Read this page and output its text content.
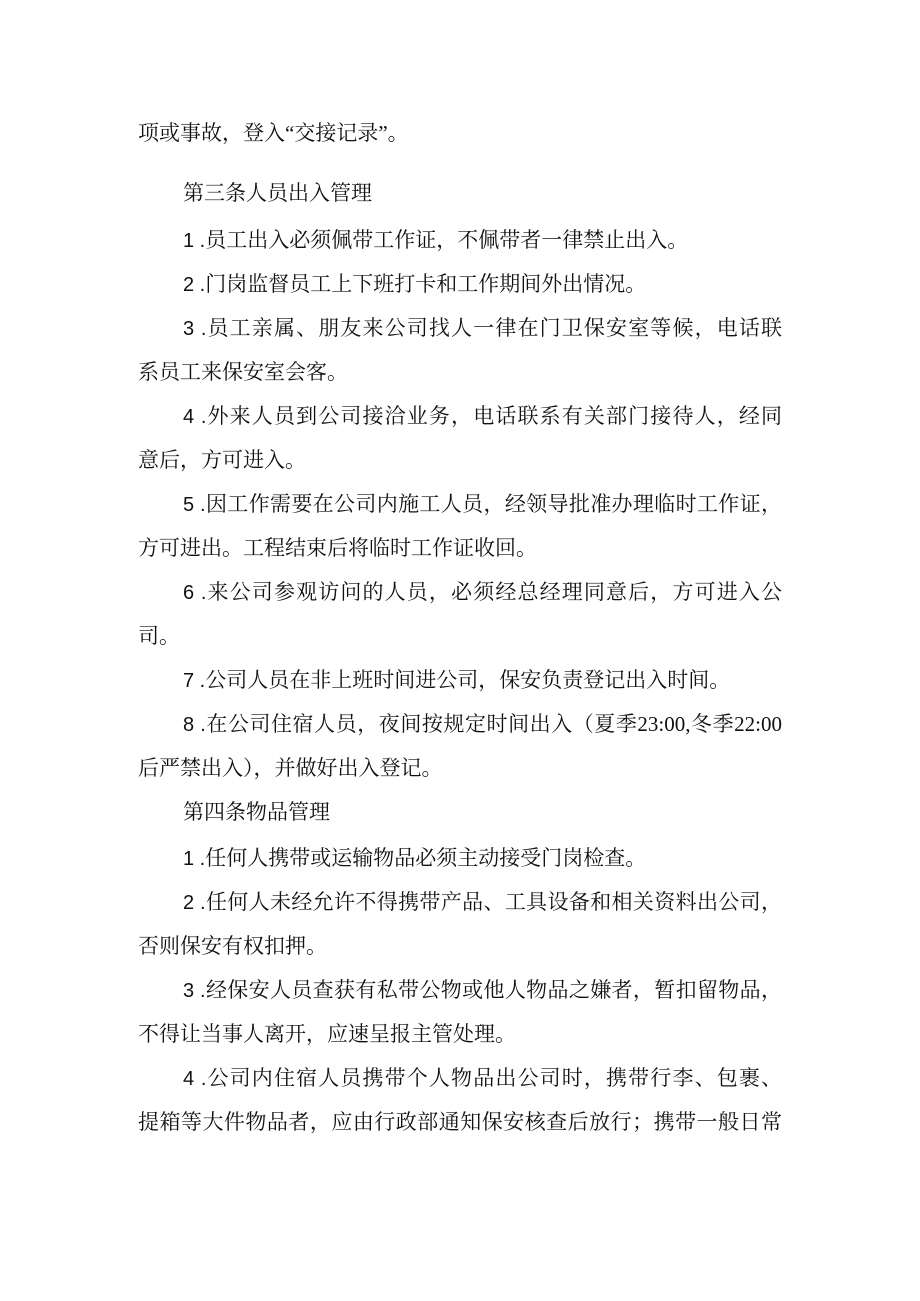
项或事故，登入“交接记录”。
第三条人员出入管理
1 .员工出入必须佩带工作证，不佩带者一律禁止出入。
2 .门岗监督员工上下班打卡和工作期间外出情况。
3 .员工亲属、朋友来公司找人一律在门卫保安室等候，电话联
系员工来保安室会客。
4 .外来人员到公司接洽业务，电话联系有关部门接待人，经同
意后，方可进入。
5 .因工作需要在公司内施工人员，经领导批准办理临时工作证，
方可进出。工程结束后将临时工作证收回。
6 .来公司参观访问的人员，必须经总经理同意后，方可进入公
司。
7 .公司人员在非上班时间进公司，保安负责登记出入时间。
8 .在公司住宿人员，夜间按规定时间出入（夏季23:00,冬季22:00
后严禁出入），并做好出入登记。
第四条物品管理
1 .任何人携带或运输物品必须主动接受门岗检查。
2 .任何人未经允许不得携带产品、工具设备和相关资料出公司，
否则保安有权扣押。
3 .经保安人员查获有私带公物或他人物品之嫌者，暂扣留物品，
不得让当事人离开，应速呈报主管处理。
4 .公司内住宿人员携带个人物品出公司时，携带行李、包裹、
提箱等大件物品者，应由行政部通知保安核查后放行；携带一般日常
